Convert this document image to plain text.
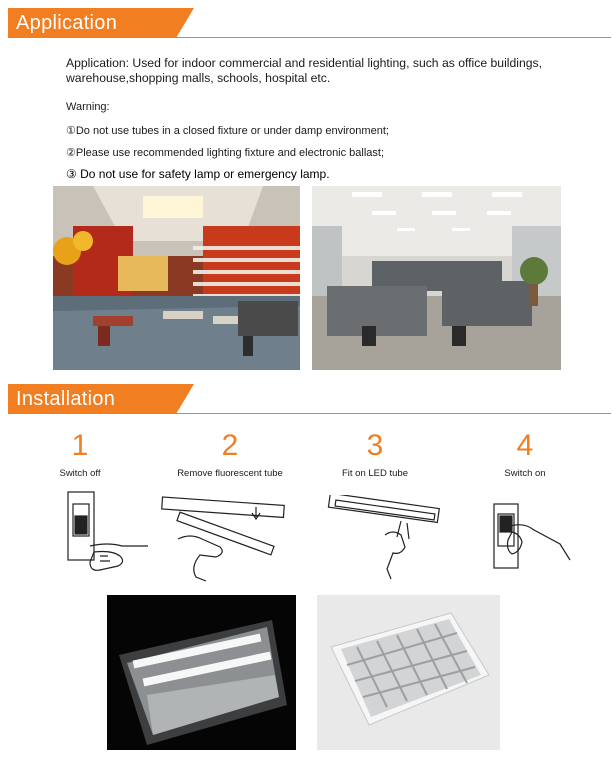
Application
Application: Used for indoor commercial and residential lighting, such as office buildings, warehouse,shopping malls, schools, hospital etc.
Warning:
①Do not use tubes in a closed fixture or under damp environment;
②Please use recommended lighting fixture and electronic ballast;
③ Do not use for safety lamp or emergency lamp.
Installation
1
Switch off
2
Remove fluorescent tube
3
Fit on LED tube
4
Switch on
